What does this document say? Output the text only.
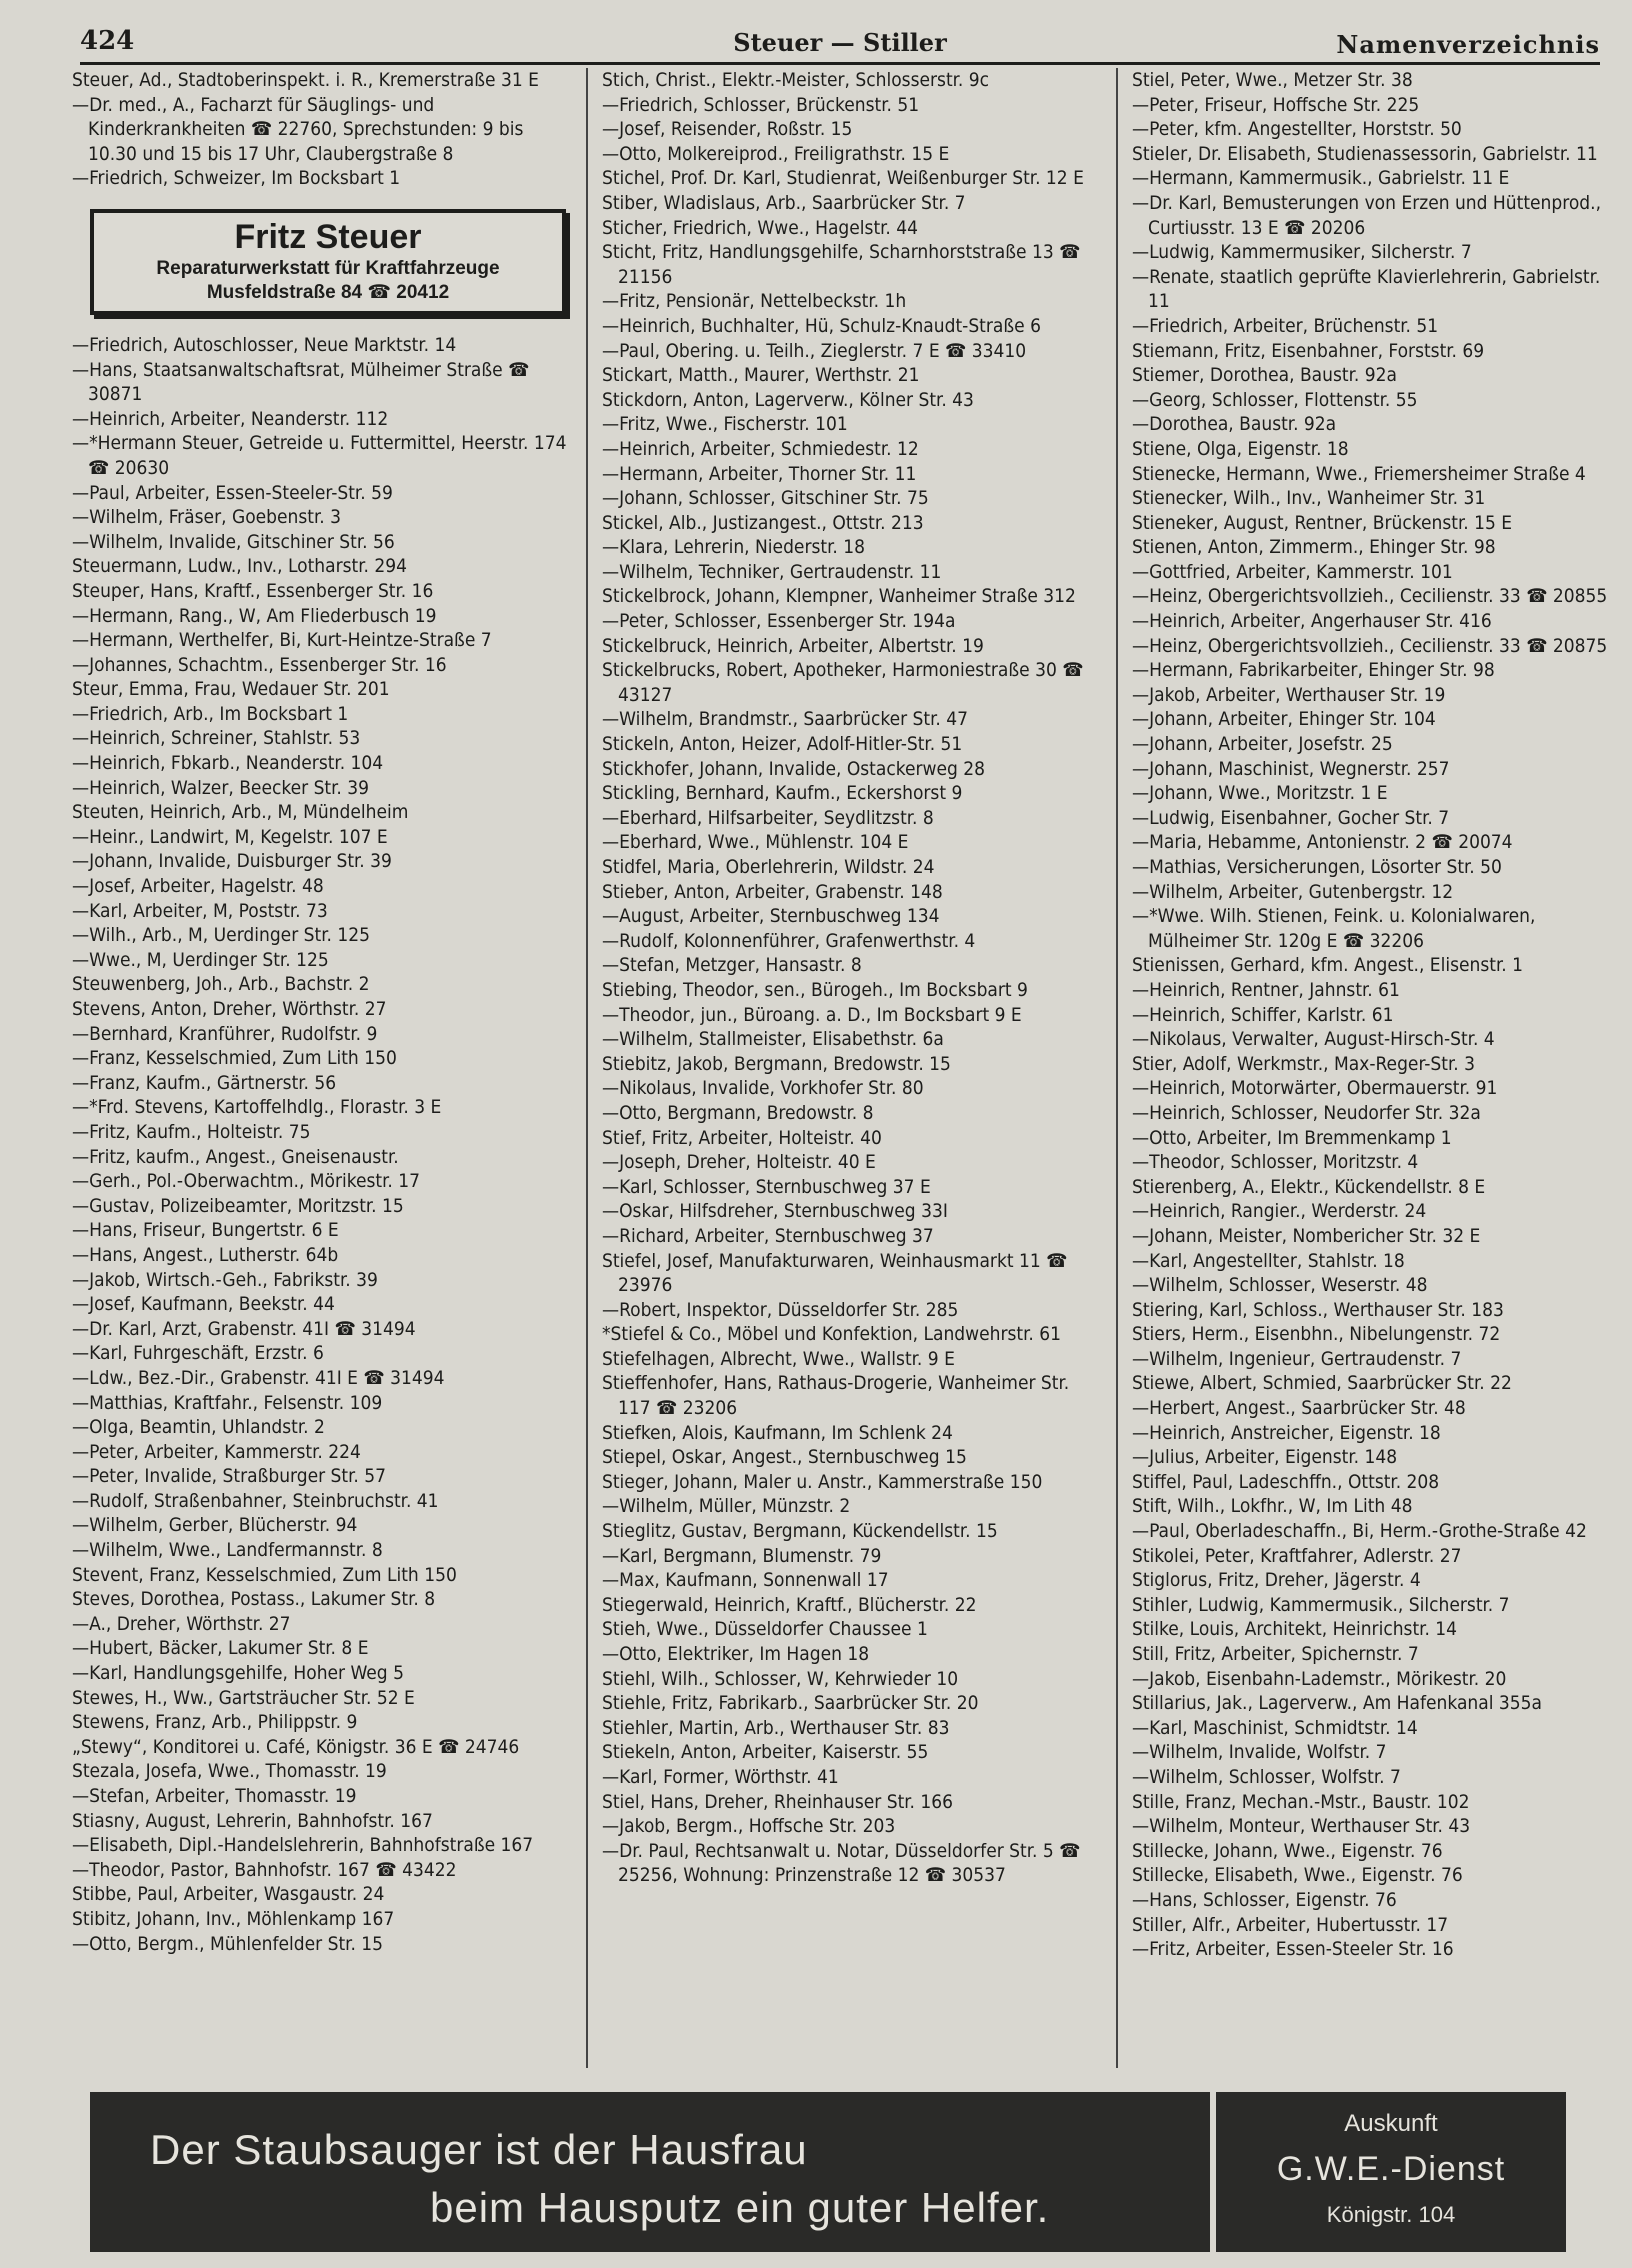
424	Steuer — Stiller	Namenverzeichnis

Steuer, Ad., Stadtoberinspekt. i. R., Kremerstraße 31 E

—Dr. med., A., Facharzt für Säuglings- und Kinderkrankheiten ☎ 22760, Sprechstunden: 9 bis 10.30 und 15 bis 17 Uhr, Claubergstraße 8

—Friedrich, Schweizer, Im Bocksbart 1

Fritz Steuer
Reparaturwerkstatt für Kraftfahrzeuge
Musfeldstraße 84 ☎ 20412

—Friedrich, Autoschlosser, Neue Marktstr. 14

—Hans, Staatsanwaltschaftsrat, Mülheimer Straße ☎ 30871

—Heinrich, Arbeiter, Neanderstr. 112

—*Hermann Steuer, Getreide u. Futtermittel, Heerstr. 174 ☎ 20630

—Paul, Arbeiter, Essen-Steeler-Str. 59

—Wilhelm, Fräser, Goebenstr. 3

—Wilhelm, Invalide, Gitschiner Str. 56

Steuermann, Ludw., Inv., Lotharstr. 294

Steuper, Hans, Kraftf., Essenberger Str. 16

—Hermann, Rang., W, Am Fliederbusch 19

—Hermann, Werthelfer, Bi, Kurt-Heintze-Straße 7

—Johannes, Schachtm., Essenberger Str. 16

Steur, Emma, Frau, Wedauer Str. 201

—Friedrich, Arb., Im Bocksbart 1

—Heinrich, Schreiner, Stahlstr. 53

—Heinrich, Fbkarb., Neanderstr. 104

—Heinrich, Walzer, Beecker Str. 39

Steuten, Heinrich, Arb., M, Mündelheim

—Heinr., Landwirt, M, Kegelstr. 107 E

—Johann, Invalide, Duisburger Str. 39

—Josef, Arbeiter, Hagelstr. 48

—Karl, Arbeiter, M, Poststr. 73

—Wilh., Arb., M, Uerdinger Str. 125

—Wwe., M, Uerdinger Str. 125

Steuwenberg, Joh., Arb., Bachstr. 2

Stevens, Anton, Dreher, Wörthstr. 27

—Bernhard, Kranführer, Rudolfstr. 9

—Franz, Kesselschmied, Zum Lith 150

—Franz, Kaufm., Gärtnerstr. 56

—*Frd. Stevens, Kartoffelhdlg., Florastr. 3 E

—Fritz, Kaufm., Holteistr. 75

—Fritz, kaufm., Angest., Gneisenaustr.

—Gerh., Pol.-Oberwachtm., Mörikestr. 17

—Gustav, Polizeibeamter, Moritzstr. 15

—Hans, Friseur, Bungertstr. 6 E

—Hans, Angest., Lutherstr. 64b

—Jakob, Wirtsch.-Geh., Fabrikstr. 39

—Josef, Kaufmann, Beekstr. 44

—Dr. Karl, Arzt, Grabenstr. 41I ☎ 31494

—Karl, Fuhrgeschäft, Erzstr. 6

—Ldw., Bez.-Dir., Grabenstr. 41I E ☎ 31494

—Matthias, Kraftfahr., Felsenstr. 109

—Olga, Beamtin, Uhlandstr. 2

—Peter, Arbeiter, Kammerstr. 224

—Peter, Invalide, Straßburger Str. 57

—Rudolf, Straßenbahner, Steinbruchstr. 41

—Wilhelm, Gerber, Blücherstr. 94

—Wilhelm, Wwe., Landfermannstr. 8

Stevent, Franz, Kesselschmied, Zum Lith 150

Steves, Dorothea, Postass., Lakumer Str. 8

—A., Dreher, Wörthstr. 27

—Hubert, Bäcker, Lakumer Str. 8 E

—Karl, Handlungsgehilfe, Hoher Weg 5

Stewes, H., Ww., Gartsträucher Str. 52 E

Stewens, Franz, Arb., Philippstr. 9

„Stewy“, Konditorei u. Café, Königstr. 36 E ☎ 24746

Stezala, Josefa, Wwe., Thomasstr. 19

—Stefan, Arbeiter, Thomasstr. 19

Stiasny, August, Lehrerin, Bahnhofstr. 167

—Elisabeth, Dipl.-Handelslehrerin, Bahnhofstraße 167

—Theodor, Pastor, Bahnhofstr. 167 ☎ 43422

Stibbe, Paul, Arbeiter, Wasgaustr. 24

Stibitz, Johann, Inv., Möhlenkamp 167

—Otto, Bergm., Mühlenfelder Str. 15

Stich, Christ., Elektr.-Meister, Schlosserstr. 9c

—Friedrich, Schlosser, Brückenstr. 51

—Josef, Reisender, Roßstr. 15

—Otto, Molkereiprod., Freiligrathstr. 15 E

Stichel, Prof. Dr. Karl, Studienrat, Weißenburger Str. 12 E

Stiber, Wladislaus, Arb., Saarbrücker Str. 7

Sticher, Friedrich, Wwe., Hagelstr. 44

Sticht, Fritz, Handlungsgehilfe, Scharnhorststraße 13 ☎ 21156

—Fritz, Pensionär, Nettelbeckstr. 1h

—Heinrich, Buchhalter, Hü, Schulz-Knaudt-Straße 6

—Paul, Obering. u. Teilh., Zieglerstr. 7 E ☎ 33410

Stickart, Matth., Maurer, Werthstr. 21

Stickdorn, Anton, Lagerverw., Kölner Str. 43

—Fritz, Wwe., Fischerstr. 101

—Heinrich, Arbeiter, Schmiedestr. 12

—Hermann, Arbeiter, Thorner Str. 11

—Johann, Schlosser, Gitschiner Str. 75

Stickel, Alb., Justizangest., Ottstr. 213

—Klara, Lehrerin, Niederstr. 18

—Wilhelm, Techniker, Gertraudenstr. 11

Stickelbrock, Johann, Klempner, Wanheimer Straße 312

—Peter, Schlosser, Essenberger Str. 194a

Stickelbruck, Heinrich, Arbeiter, Albertstr. 19

Stickelbrucks, Robert, Apotheker, Harmoniestraße 30 ☎ 43127

—Wilhelm, Brandmstr., Saarbrücker Str. 47

Stickeln, Anton, Heizer, Adolf-Hitler-Str. 51

Stickhofer, Johann, Invalide, Ostackerweg 28

Stickling, Bernhard, Kaufm., Eckershorst 9

—Eberhard, Hilfsarbeiter, Seydlitzstr. 8

—Eberhard, Wwe., Mühlenstr. 104 E

Stidfel, Maria, Oberlehrerin, Wildstr. 24

Stieber, Anton, Arbeiter, Grabenstr. 148

—August, Arbeiter, Sternbuschweg 134

—Rudolf, Kolonnenführer, Grafenwerthstr. 4

—Stefan, Metzger, Hansastr. 8

Stiebing, Theodor, sen., Bürogeh., Im Bocksbart 9

—Theodor, jun., Büroang. a. D., Im Bocksbart 9 E

—Wilhelm, Stallmeister, Elisabethstr. 6a

Stiebitz, Jakob, Bergmann, Bredowstr. 15

—Nikolaus, Invalide, Vorkhofer Str. 80

—Otto, Bergmann, Bredowstr. 8

Stief, Fritz, Arbeiter, Holteistr. 40

—Joseph, Dreher, Holteistr. 40 E

—Karl, Schlosser, Sternbuschweg 37 E

—Oskar, Hilfsdreher, Sternbuschweg 33I

—Richard, Arbeiter, Sternbuschweg 37

Stiefel, Josef, Manufakturwaren, Weinhausmarkt 11 ☎ 23976

—Robert, Inspektor, Düsseldorfer Str. 285

*Stiefel & Co., Möbel und Konfektion, Landwehrstr. 61

Stiefelhagen, Albrecht, Wwe., Wallstr. 9 E

Stieffenhofer, Hans, Rathaus-Drogerie, Wanheimer Str. 117 ☎ 23206

Stiefken, Alois, Kaufmann, Im Schlenk 24

Stiepel, Oskar, Angest., Sternbuschweg 15

Stieger, Johann, Maler u. Anstr., Kammerstraße 150

—Wilhelm, Müller, Münzstr. 2

Stieglitz, Gustav, Bergmann, Kückendellstr. 15

—Karl, Bergmann, Blumenstr. 79

—Max, Kaufmann, Sonnenwall 17

Stiegerwald, Heinrich, Kraftf., Blücherstr. 22

Stieh, Wwe., Düsseldorfer Chaussee 1

—Otto, Elektriker, Im Hagen 18

Stiehl, Wilh., Schlosser, W, Kehrwieder 10

Stiehle, Fritz, Fabrikarb., Saarbrücker Str. 20

Stiehler, Martin, Arb., Werthauser Str. 83

Stiekeln, Anton, Arbeiter, Kaiserstr. 55

—Karl, Former, Wörthstr. 41

Stiel, Hans, Dreher, Rheinhauser Str. 166

—Jakob, Bergm., Hoffsche Str. 203

—Dr. Paul, Rechtsanwalt u. Notar, Düsseldorfer Str. 5 ☎ 25256, Wohnung: Prinzenstraße 12 ☎ 30537

Stiel, Peter, Wwe., Metzer Str. 38

—Peter, Friseur, Hoffsche Str. 225

—Peter, kfm. Angestellter, Horststr. 50

Stieler, Dr. Elisabeth, Studienassessorin, Gabrielstr. 11

—Hermann, Kammermusik., Gabrielstr. 11 E

—Dr. Karl, Bemusterungen von Erzen und Hüttenprod., Curtiusstr. 13 E ☎ 20206

—Ludwig, Kammermusiker, Silcherstr. 7

—Renate, staatlich geprüfte Klavierlehrerin, Gabrielstr. 11

—Friedrich, Arbeiter, Brüchenstr. 51

Stiemann, Fritz, Eisenbahner, Forststr. 69

Stiemer, Dorothea, Baustr. 92a

—Georg, Schlosser, Flottenstr. 55

—Dorothea, Baustr. 92a

Stiene, Olga, Eigenstr. 18

Stienecke, Hermann, Wwe., Friemersheimer Straße 4

Stienecker, Wilh., Inv., Wanheimer Str. 31

Stieneker, August, Rentner, Brückenstr. 15 E

Stienen, Anton, Zimmerm., Ehinger Str. 98

—Gottfried, Arbeiter, Kammerstr. 101

—Heinz, Obergerichtsvollzieh., Cecilienstr. 33 ☎ 20855

—Heinrich, Arbeiter, Angerhauser Str. 416

—Heinz, Obergerichtsvollzieh., Cecilienstr. 33 ☎ 20875

—Hermann, Fabrikarbeiter, Ehinger Str. 98

—Jakob, Arbeiter, Werthauser Str. 19

—Johann, Arbeiter, Ehinger Str. 104

—Johann, Arbeiter, Josefstr. 25

—Johann, Maschinist, Wegnerstr. 257

—Johann, Wwe., Moritzstr. 1 E

—Ludwig, Eisenbahner, Gocher Str. 7

—Maria, Hebamme, Antonienstr. 2 ☎ 20074

—Mathias, Versicherungen, Lösorter Str. 50

—Wilhelm, Arbeiter, Gutenbergstr. 12

—*Wwe. Wilh. Stienen, Feink. u. Kolonialwaren, Mülheimer Str. 120g E ☎ 32206

Stienissen, Gerhard, kfm. Angest., Elisenstr. 1

—Heinrich, Rentner, Jahnstr. 61

—Heinrich, Schiffer, Karlstr. 61

—Nikolaus, Verwalter, August-Hirsch-Str. 4

Stier, Adolf, Werkmstr., Max-Reger-Str. 3

—Heinrich, Motorwärter, Obermauerstr. 91

—Heinrich, Schlosser, Neudorfer Str. 32a

—Otto, Arbeiter, Im Bremmenkamp 1

—Theodor, Schlosser, Moritzstr. 4

Stierenberg, A., Elektr., Kückendellstr. 8 E

—Heinrich, Rangier., Werderstr. 24

—Johann, Meister, Nombericher Str. 32 E

—Karl, Angestellter, Stahlstr. 18

—Wilhelm, Schlosser, Weserstr. 48

Stiering, Karl, Schloss., Werthauser Str. 183

Stiers, Herm., Eisenbhn., Nibelungenstr. 72

—Wilhelm, Ingenieur, Gertraudenstr. 7

Stiewe, Albert, Schmied, Saarbrücker Str. 22

—Herbert, Angest., Saarbrücker Str. 48

—Heinrich, Anstreicher, Eigenstr. 18

—Julius, Arbeiter, Eigenstr. 148

Stiffel, Paul, Ladeschffn., Ottstr. 208

Stift, Wilh., Lokfhr., W, Im Lith 48

—Paul, Oberladeschaffn., Bi, Herm.-Grothe-Straße 42

Stikolei, Peter, Kraftfahrer, Adlerstr. 27

Stiglorus, Fritz, Dreher, Jägerstr. 4

Stihler, Ludwig, Kammermusik., Silcherstr. 7

Stilke, Louis, Architekt, Heinrichstr. 14

Still, Fritz, Arbeiter, Spichernstr. 7

—Jakob, Eisenbahn-Lademstr., Mörikestr. 20

Stillarius, Jak., Lagerverw., Am Hafenkanal 355a

—Karl, Maschinist, Schmidtstr. 14

—Wilhelm, Invalide, Wolfstr. 7

—Wilhelm, Schlosser, Wolfstr. 7

Stille, Franz, Mechan.-Mstr., Baustr. 102

—Wilhelm, Monteur, Werthauser Str. 43

Stillecke, Johann, Wwe., Eigenstr. 76

Stillecke, Elisabeth, Wwe., Eigenstr. 76

—Hans, Schlosser, Eigenstr. 76

Stiller, Alfr., Arbeiter, Hubertusstr. 17

—Fritz, Arbeiter, Essen-Steeler Str. 16

Der Staubsauger ist der Hausfrau
beim Hausputz ein guter Helfer.
Auskunft
G.W.E.-Dienst
Königstr. 104
